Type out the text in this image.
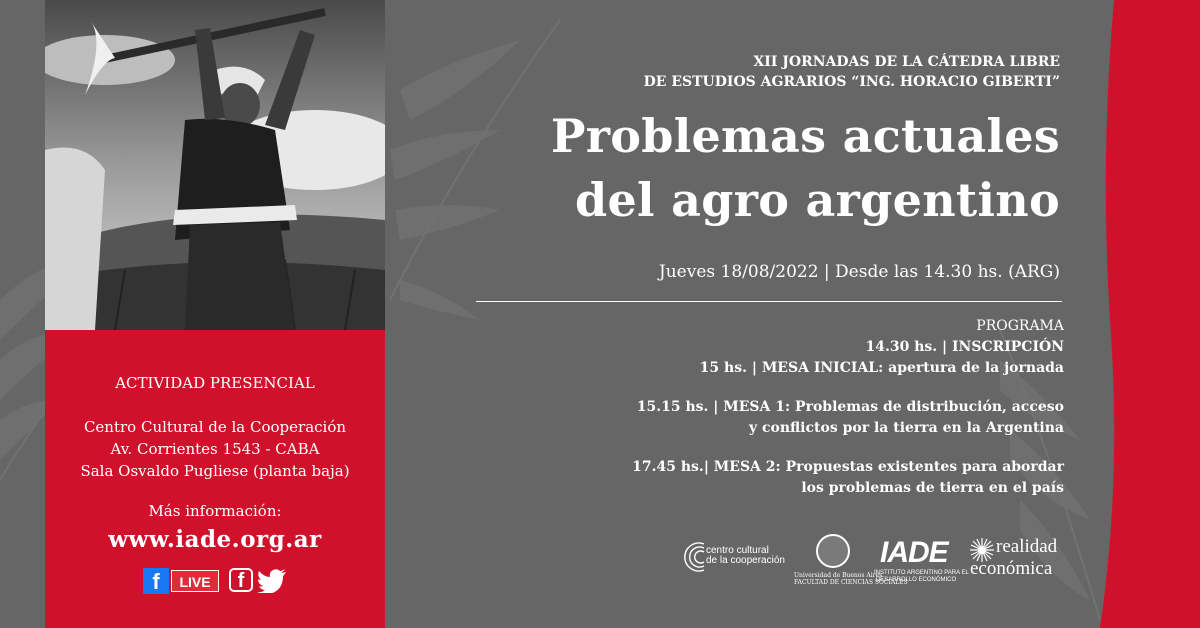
ACTIVIDAD PRESENCIAL
Centro Cultural de la Cooperación
Av. Corrientes 1543 - CABA
Sala Osvaldo Pugliese (planta baja)
Más información:
www.iade.org.ar
f	LIVE	f
XII JORNADAS DE LA CÁTEDRA LIBRE
DE ESTUDIOS AGRARIOS “ING. HORACIO GIBERTI”
Problemas actuales
del agro argentino
Jueves 18/08/2022 | Desde las 14.30 hs. (ARG)
PROGRAMA
14.30 hs. | INSCRIPCIÓN
15 hs. | MESA INICIAL: apertura de la jornada
15.15 hs. | MESA 1: Problemas de distribución, acceso
y conflictos por la tierra en la Argentina
17.45 hs.| MESA 2: Propuestas existentes para abordar
los problemas de tierra en el país
centro cultural
de la cooperación
Universidad de Buenos Aires
FACULTAD DE CIENCIAS SOCIALES
IADE
INSTITUTO ARGENTINO PARA EL
DESARROLLO ECONÓMICO
realidad
económica
